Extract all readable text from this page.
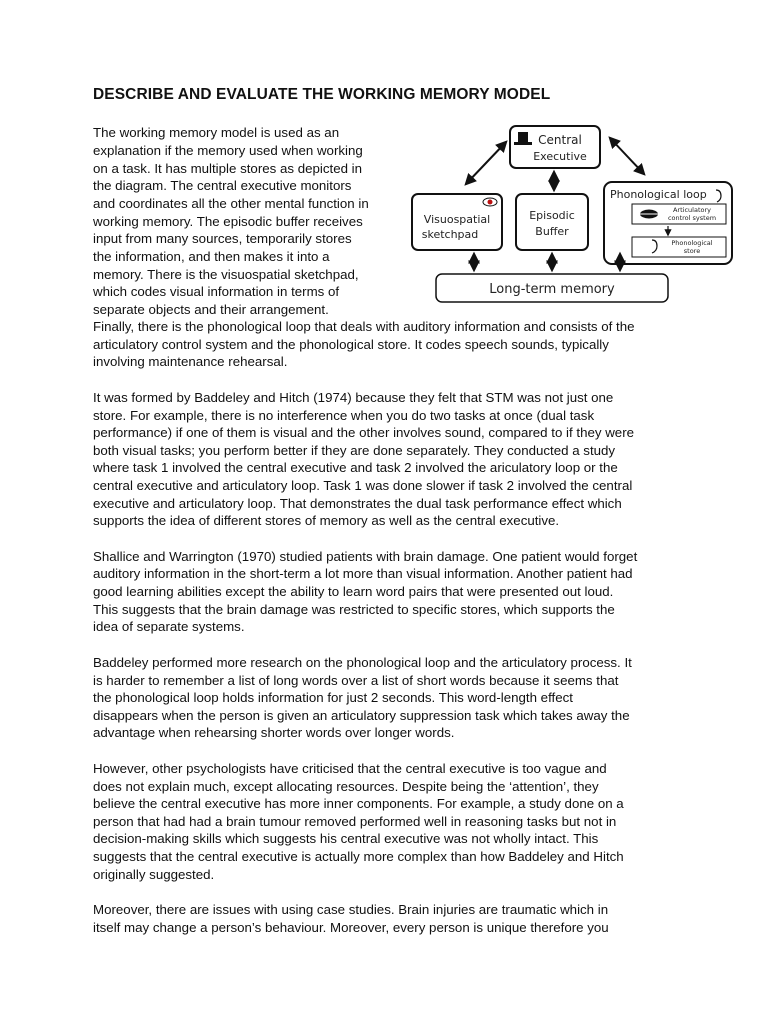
DESCRIBE AND EVALUATE THE WORKING MEMORY MODEL
The working memory model is used as an
explanation if the memory used when working
on a task. It has multiple stores as depicted in
the diagram. The central executive monitors
and coordinates all the other mental function in
working memory. The episodic buffer receives
input from many sources, temporarily stores
the information, and then makes it into a
memory. There is the visuospatial sketchpad,
which codes visual information in terms of
separate objects and their arrangement.
Finally, there is the phonological loop that deals with auditory information and consists of the
articulatory control system and the phonological store. It codes speech sounds, typically
involving maintenance rehearsal.
It was formed by Baddeley and Hitch (1974) because they felt that STM was not just one
store. For example, there is no interference when you do two tasks at once (dual task
performance) if one of them is visual and the other involves sound, compared to if they were
both visual tasks; you perform better if they are done separately. They conducted a study
where task 1 involved the central executive and task 2 involved the ariculatory loop or the
central executive and articulatory loop. Task 1 was done slower if task 2 involved the central
executive and articulatory loop. That demonstrates the dual task performance effect which
supports the idea of different stores of memory as well as the central executive.
Shallice and Warrington (1970) studied patients with brain damage. One patient would forget
auditory information in the short-term a lot more than visual information. Another patient had
good learning abilities except the ability to learn word pairs that were presented out loud.
This suggests that the brain damage was restricted to specific stores, which supports the
idea of separate systems.
Baddeley performed more research on the phonological loop and the articulatory process. It
is harder to remember a list of long words over a list of short words because it seems that
the phonological loop holds information for just 2 seconds. This word-length effect
disappears when the person is given an articulatory suppression task which takes away the
advantage when rehearsing shorter words over longer words.
However, other psychologists have criticised that the central executive is too vague and
does not explain much, except allocating resources. Despite being the ‘attention’, they
believe the central executive has more inner components. For example, a study done on a
person that had had a brain tumour removed performed well in reasoning tasks but not in
decision-making skills which suggests his central executive was not wholly intact. This
suggests that the central executive is actually more complex than how Baddeley and Hitch
originally suggested.
Moreover, there are issues with using case studies. Brain injuries are traumatic which in
itself may change a person’s behaviour. Moreover, every person is unique therefore you
Central
Executive
Visuospatial
sketchpad
Episodic
Buffer
Phonological loop
Articulatory
control system
Phonological
store
Long-term memory
